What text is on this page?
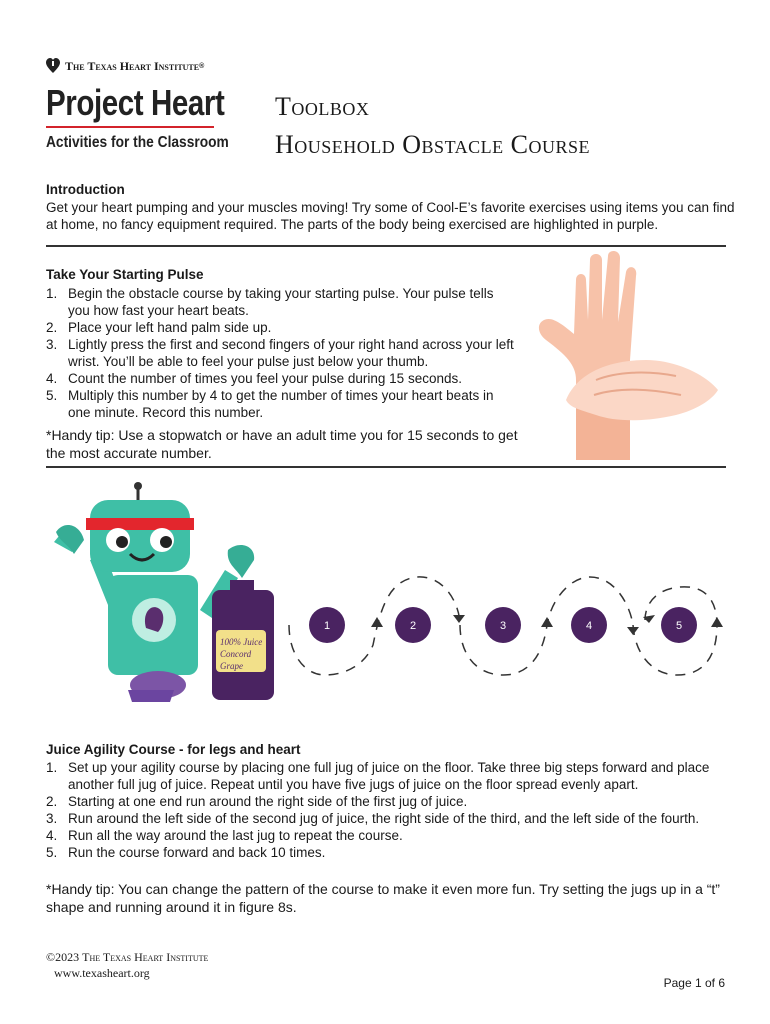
The Texas Heart Institute ®
Project Heart
Activities for the Classroom
Toolbox
Household Obstacle Course
Introduction
Get your heart pumping and your muscles moving! Try some of Cool-E’s favorite exercises using items you can find at home, no fancy equipment required. The parts of the body being exercised are highlighted in purple.
Take Your Starting Pulse
1. Begin the obstacle course by taking your starting pulse. Your pulse tells you how fast your heart beats.
2. Place your left hand palm side up.
3. Lightly press the first and second fingers of your right hand across your left wrist. You’ll be able to feel your pulse just below your thumb.
4. Count the number of times you feel your pulse during 15 seconds.
5. Multiply this number by 4 to get the number of times your heart beats in one minute. Record this number.
*Handy tip: Use a stopwatch or have an adult time you for 15 seconds to get the most accurate number.
100% Juice
Concord
Grape
1	2	3	4	5
Juice Agility Course - for legs and heart
1. Set up your agility course by placing one full jug of juice on the floor. Take three big steps forward and place another full jug of juice. Repeat until you have five jugs of juice on the floor spread evenly apart.
2. Starting at one end run around the right side of the first jug of juice.
3. Run around the left side of the second jug of juice, the right side of the third, and the left side of the fourth.
4. Run all the way around the last jug to repeat the course.
5. Run the course forward and back 10 times.
*Handy tip: You can change the pattern of the course to make it even more fun. Try setting the jugs up in a “t” shape and running around it in figure 8s.
©2023 The Texas Heart Institute
www.texasheart.org
Page 1 of 6
